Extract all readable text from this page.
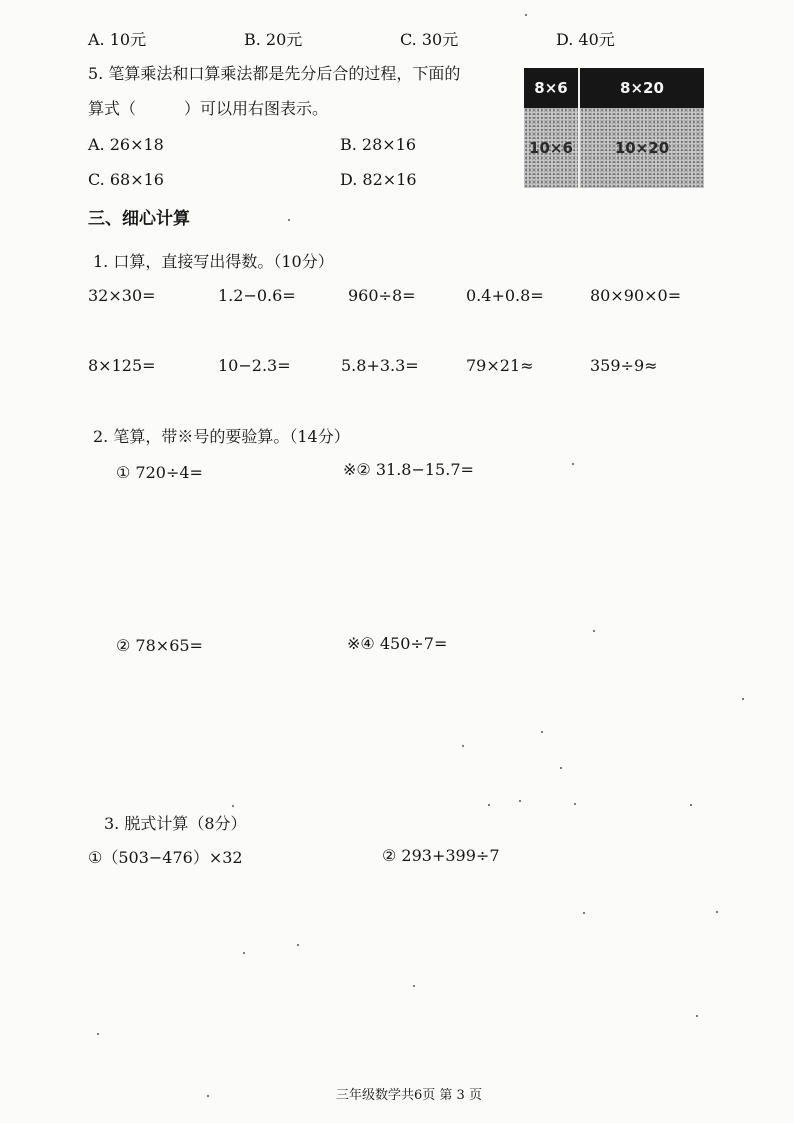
A. 10元	B. 20元	C. 30元	D. 40元
5. 笔算乘法和口算乘法都是先分后合的过程，下面的
算式（　　　）可以用右图表示。
A. 26×18	B. 28×16
C. 68×16	D. 82×16
8×6	8×20
10×6	10×20
三、细心计算
1. 口算，直接写出得数。（10分）
32×30=	1.2−0.6=	960÷8=	0.4+0.8=	80×90×0=
8×125=	10−2.3=	5.8+3.3=	79×21≈	359÷9≈
2. 笔算，带※号的要验算。（14分）
① 720÷4=	※② 31.8−15.7=
② 78×65=	※④ 450÷7=
3. 脱式计算（8分）
①（503−476）×32	② 293+399÷7
三年级数学共6页 第 3 页
